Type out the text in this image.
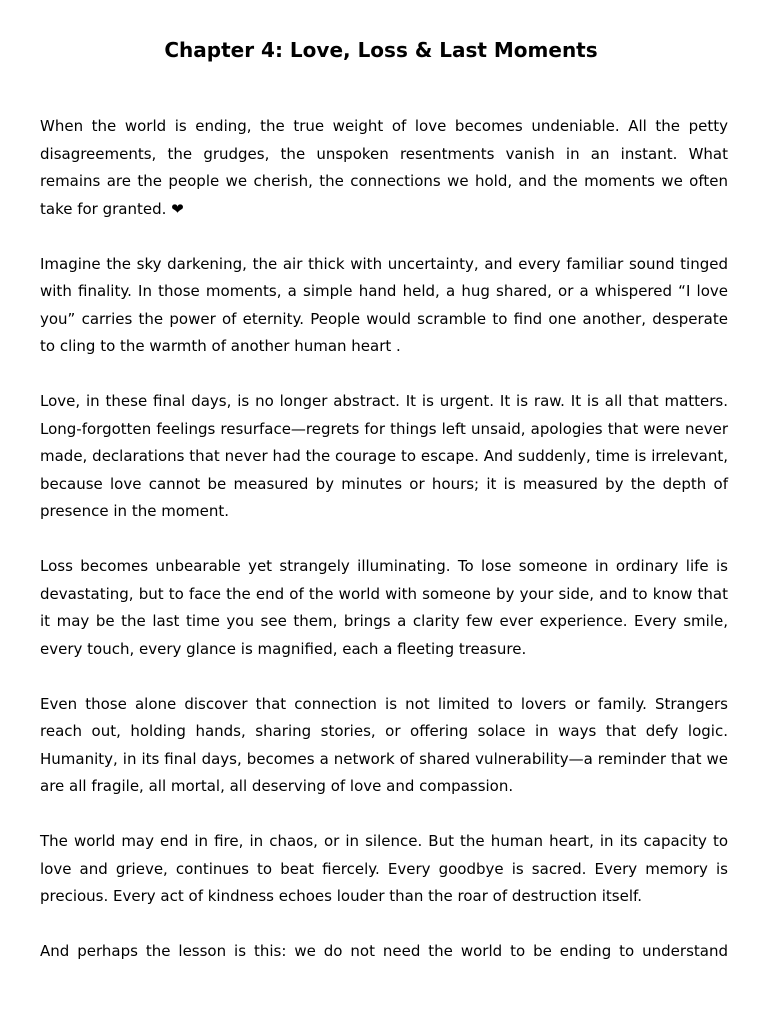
Chapter 4: Love, Loss & Last Moments

When the world is ending, the true weight of love becomes undeniable. All the petty disagreements, the grudges, the unspoken resentments vanish in an instant. What remains are the people we cherish, the connections we hold, and the moments we often take for granted. ❤

Imagine the sky darkening, the air thick with uncertainty, and every familiar sound tinged with finality. In those moments, a simple hand held, a hug shared, or a whispered “I love you” carries the power of eternity. People would scramble to find one another, desperate to cling to the warmth of another human heart .

Love, in these final days, is no longer abstract. It is urgent. It is raw. It is all that matters. Long-forgotten feelings resurface—regrets for things left unsaid, apologies that were never made, declarations that never had the courage to escape. And suddenly, time is irrelevant, because love cannot be measured by minutes or hours; it is measured by the depth of presence in the moment.

Loss becomes unbearable yet strangely illuminating. To lose someone in ordinary life is devastating, but to face the end of the world with someone by your side, and to know that it may be the last time you see them, brings a clarity few ever experience. Every smile, every touch, every glance is magnified, each a fleeting treasure.

Even those alone discover that connection is not limited to lovers or family. Strangers reach out, holding hands, sharing stories, or offering solace in ways that defy logic. Humanity, in its final days, becomes a network of shared vulnerability—a reminder that we are all fragile, all mortal, all deserving of love and compassion.

The world may end in fire, in chaos, or in silence. But the human heart, in its capacity to love and grieve, continues to beat fiercely. Every goodbye is sacred. Every memory is precious. Every act of kindness echoes louder than the roar of destruction itself.

And perhaps the lesson is this: we do not need the world to be ending to understand
